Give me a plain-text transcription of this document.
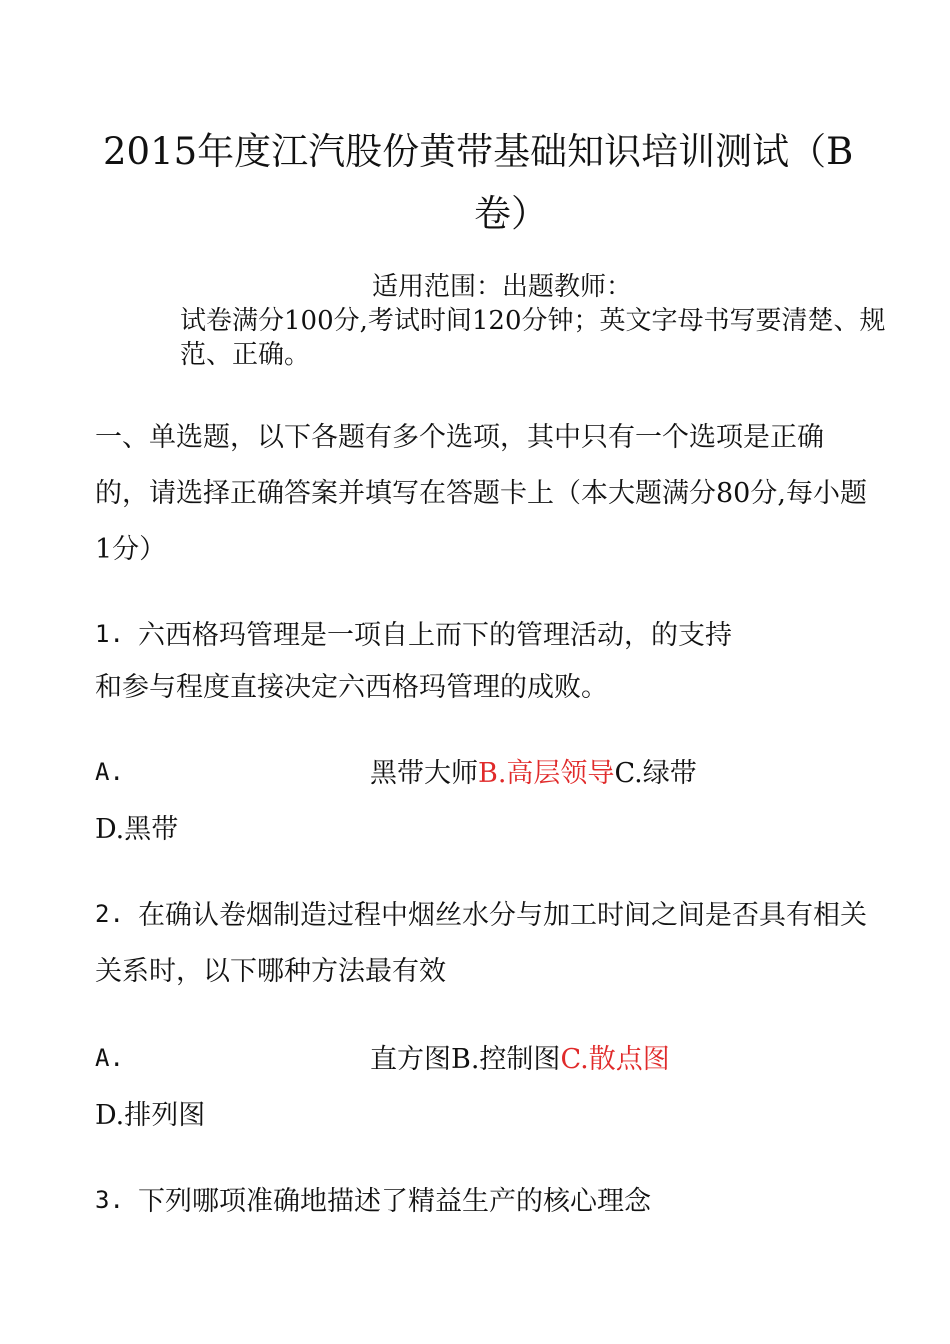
2015年度江汽股份黄带基础知识培训测试（B
卷）
适用范围：出题教师：
试卷满分100分,考试时间120分钟；英文字母书写要清楚、规
范、正确。
一、单选题，以下各题有多个选项，其中只有一个选项是正确
的，请选择正确答案并填写在答题卡上（本大题满分80分,每小题
1分）
1. 六西格玛管理是一项自上而下的管理活动，的支持
和参与程度直接决定六西格玛管理的成败。
A.	黑带大师B.高层领导C.绿带
D.黑带
2. 在确认卷烟制造过程中烟丝水分与加工时间之间是否具有相关
关系时，以下哪种方法最有效
A.	直方图B.控制图C.散点图
D.排列图
3. 下列哪项准确地描述了精益生产的核心理念
